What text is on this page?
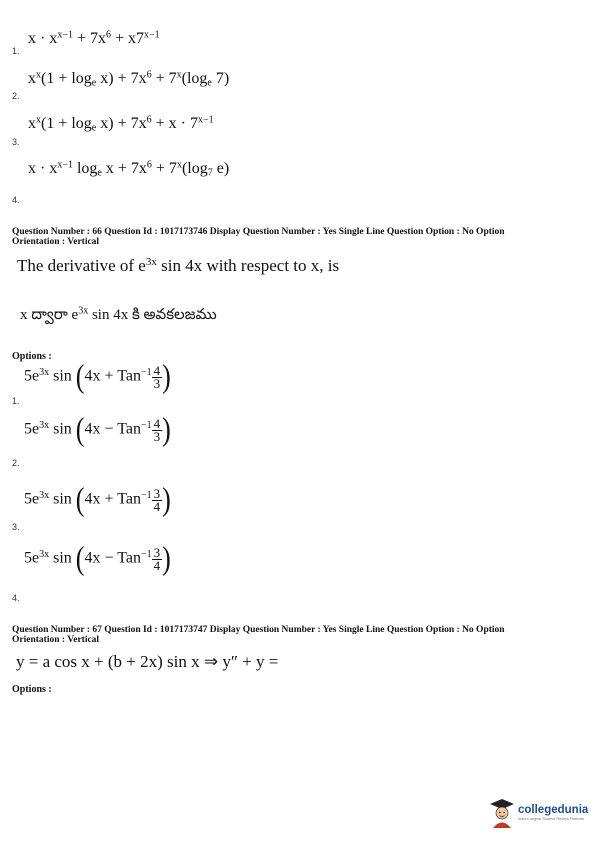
$x \cdot x^{x-1} + 7x^6 + x7^{x-1}$
1.
$x^x(1 + \log_e x) + 7x^6 + 7^x(\log_e$ 7)
2.
$x^x(1 + \log_e x) + 7x^6 + x \cdot 7^{x-1}$
3.
$x \cdot x^{x-1}$ $\log_e x + 7x^6 + 7^x(\log_7$ e)
4.
Question Number : 66 Question Id : 1017173746 Display Question Number : Yes Single Line Question Option : No Option
Orientation : Vertical
The derivative of $e^{3x}$ sin 4x with respect to x, is
x ద్వారా $e^{3x}$ sin 4x కి అవకలజము
Options :
$5e^{3x}$ $\sin (4x + Tan^{-1} \frac{4}{3}$ )
1.
$5e^{3x}$ $\sin (4x - Tan^{-1} \frac{4}{3}$ )
2.
$5e^{3x}$ $\sin (4x + Tan^{-1} \frac{3}{4}$ )
3.
$5e^{3x}$ $\sin (4x - Tan^{-1} \frac{3}{4}$ )
4.
Question Number : 67 Question Id : 1017173747 Display Question Number : Yes Single Line Question Option : No Option
Orientation : Vertical
y = a cos x + (b + 2x) sin x ⇒ y″ + y =
Options :
collegedunia
India's largest Student Review Platform
